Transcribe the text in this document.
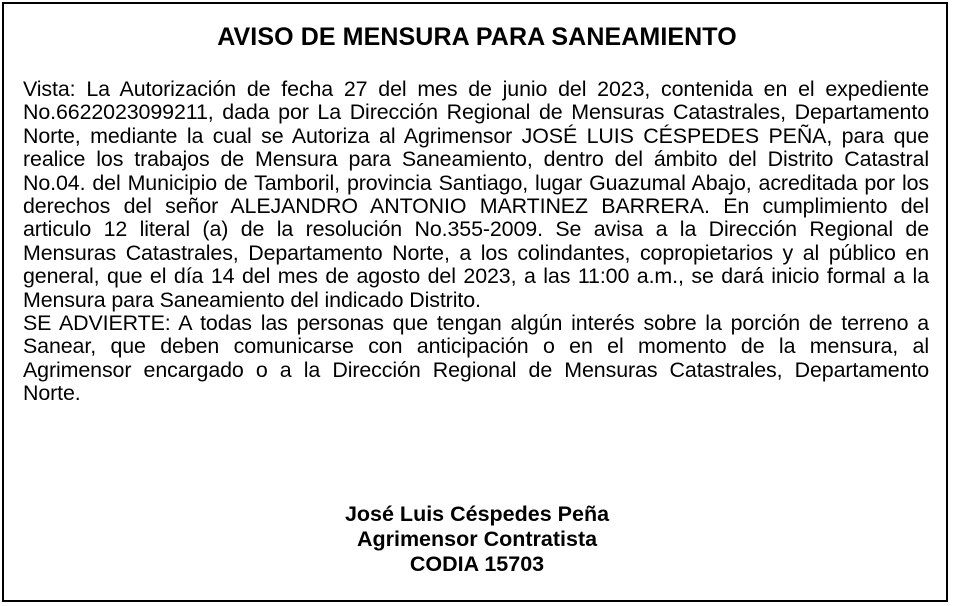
AVISO DE MENSURA PARA SANEAMIENTO

Vista: La Autorización de fecha 27 del mes de junio del 2023, contenida en el expediente No.6622023099211, dada por La Dirección Regional de Mensuras Catastrales, Departamento Norte, mediante la cual se Autoriza al Agrimensor JOSÉ LUIS CÉSPEDES PEÑA, para que realice los trabajos de Mensura para Saneamiento, dentro del ámbito del Distrito Catastral No.04. del Municipio de Tamboril, provincia Santiago, lugar Guazumal Abajo, acreditada por los derechos del señor ALEJANDRO ANTONIO MARTINEZ BARRERA. En cumplimiento del articulo 12 literal (a) de la resolución No.355-2009. Se avisa a la Dirección Regional de Mensuras Catastrales, Departamento Norte, a los colindantes, copropietarios y al público en general, que el día 14 del mes de agosto del 2023, a las 11:00 a.m., se dará inicio formal a la Mensura para Saneamiento del indicado Distrito.

SE ADVIERTE: A todas las personas que tengan algún interés sobre la porción de terreno a Sanear, que deben comunicarse con anticipación o en el momento de la mensura, al Agrimensor encargado o a la Dirección Regional de Mensuras Catastrales, Departamento Norte.

José Luis Céspedes Peña
Agrimensor Contratista
CODIA 15703
